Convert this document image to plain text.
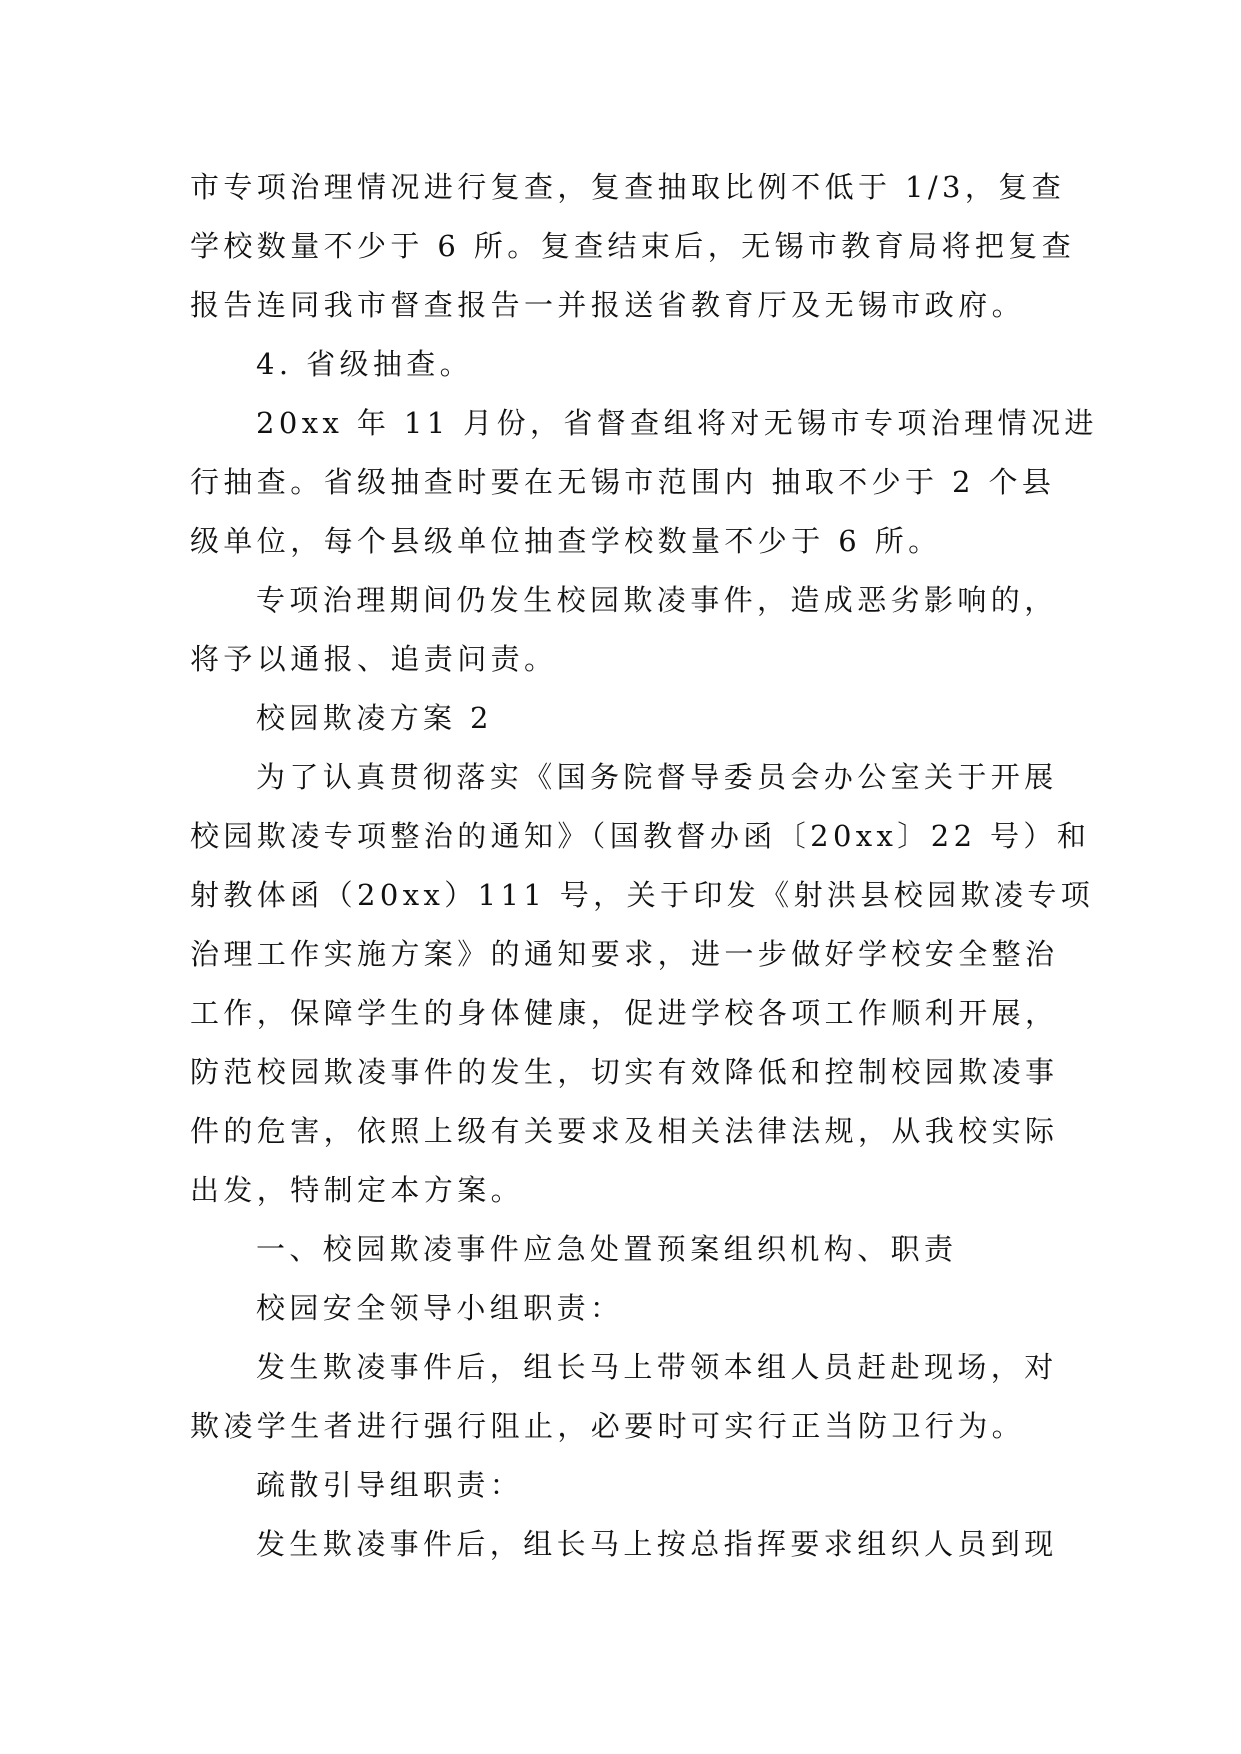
市专项治理情况进行复查，复查抽取比例不低于 1/3，复查
学校数量不少于 6 所。复查结束后，无锡市教育局将把复查
报告连同我市督查报告一并报送省教育厅及无锡市政府。
4. 省级抽查。
20xx 年 11 月份，省督查组将对无锡市专项治理情况进
行抽查。省级抽查时要在无锡市范围内 抽取不少于 2 个县
级单位，每个县级单位抽查学校数量不少于 6 所。
专项治理期间仍发生校园欺凌事件，造成恶劣影响的，
将予以通报、追责问责。
校园欺凌方案 2
为了认真贯彻落实《国务院督导委员会办公室关于开展
校园欺凌专项整治的通知》（国教督办函〔20xx〕22 号）和
射教体函（20xx）111 号，关于印发《射洪县校园欺凌专项
治理工作实施方案》的通知要求，进一步做好学校安全整治
工作，保障学生的身体健康，促进学校各项工作顺利开展，
防范校园欺凌事件的发生，切实有效降低和控制校园欺凌事
件的危害，依照上级有关要求及相关法律法规，从我校实际
出发，特制定本方案。
一、校园欺凌事件应急处置预案组织机构、职责
校园安全领导小组职责：
发生欺凌事件后，组长马上带领本组人员赶赴现场，对
欺凌学生者进行强行阻止，必要时可实行正当防卫行为。
疏散引导组职责：
发生欺凌事件后，组长马上按总指挥要求组织人员到现
